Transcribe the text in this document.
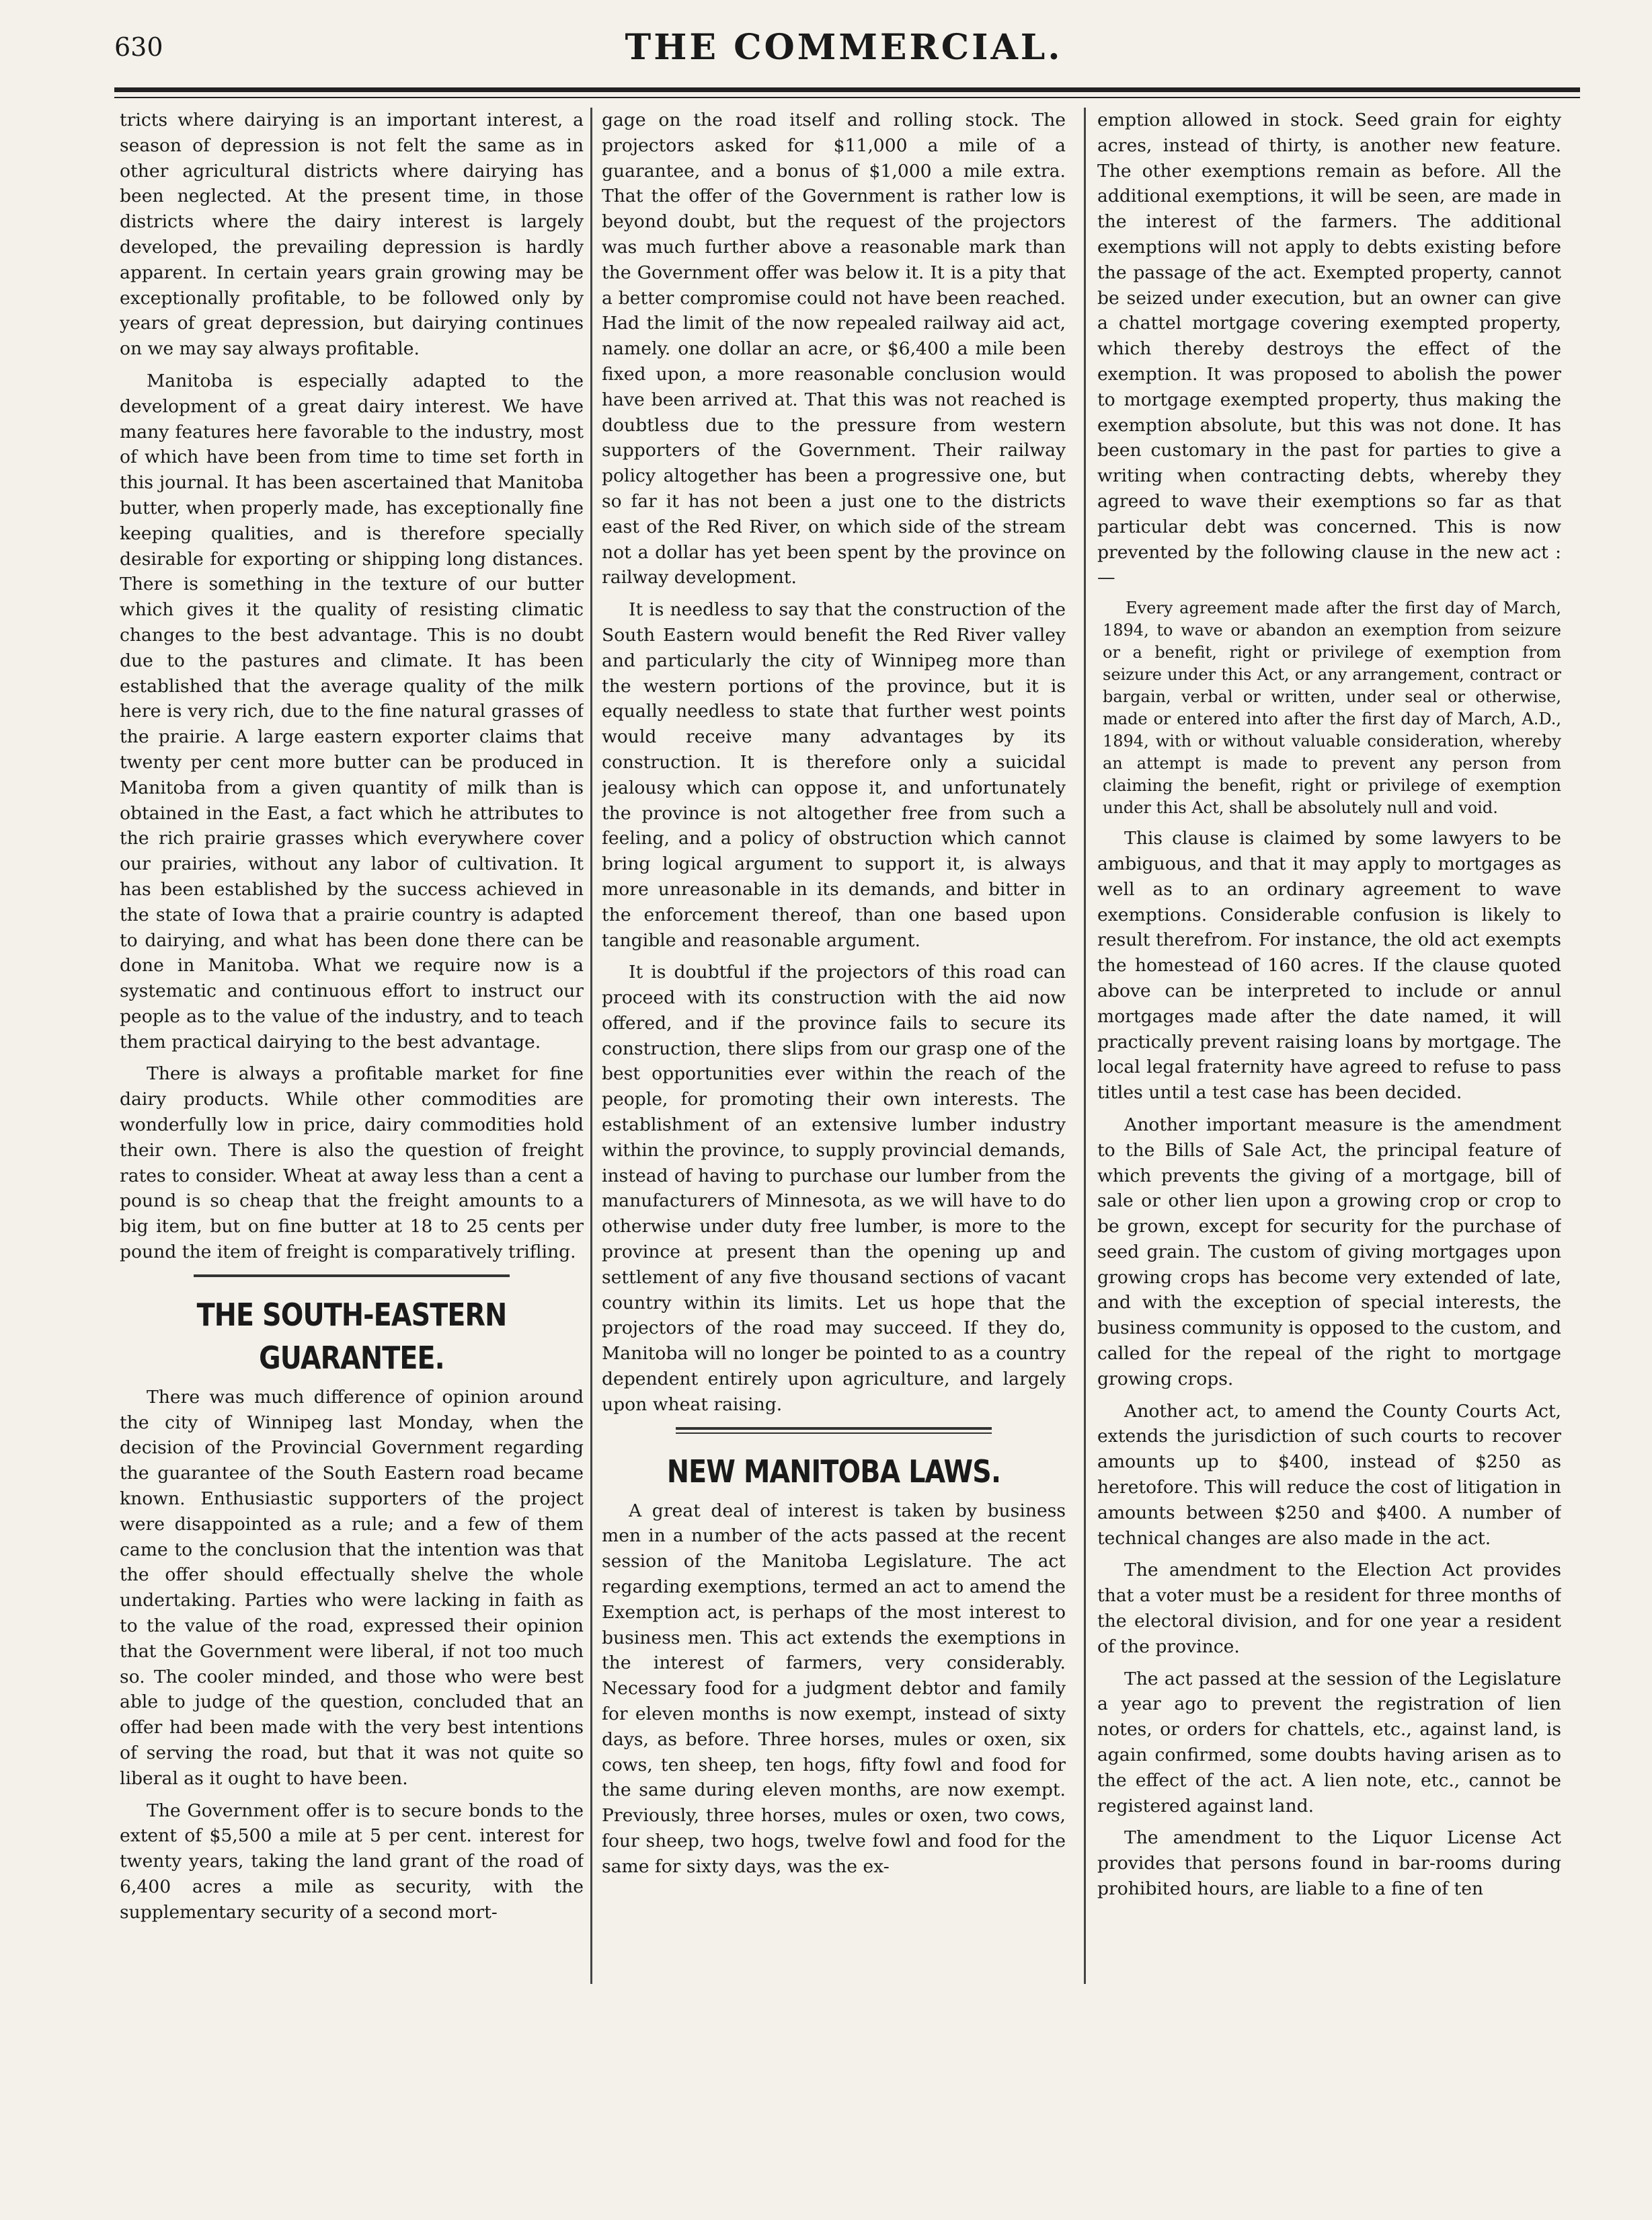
630	THE COMMERCIAL.

tricts where dairying is an important interest, a season of depression is not felt the same as in other agricultural districts where dairying has been neglected. At the present time, in those districts where the dairy interest is largely developed, the prevailing depression is hardly apparent. In certain years grain growing may be exceptionally profitable, to be followed only by years of great depression, but dairying continues on we may say always profitable.

Manitoba is especially adapted to the development of a great dairy interest. We have many features here favorable to the industry, most of which have been from time to time set forth in this journal. It has been ascertained that Manitoba butter, when properly made, has exceptionally fine keeping qualities, and is therefore specially desirable for exporting or shipping long distances. There is something in the texture of our butter which gives it the quality of resisting climatic changes to the best advantage. This is no doubt due to the pastures and climate. It has been established that the average quality of the milk here is very rich, due to the fine natural grasses of the prairie. A large eastern exporter claims that twenty per cent more butter can be produced in Manitoba from a given quantity of milk than is obtained in the East, a fact which he attributes to the rich prairie grasses which everywhere cover our prairies, without any labor of cultivation. It has been established by the success achieved in the state of Iowa that a prairie country is adapted to dairying, and what has been done there can be done in Manitoba. What we require now is a systematic and continuous effort to instruct our people as to the value of the industry, and to teach them practical dairying to the best advantage.

There is always a profitable market for fine dairy products. While other commodities are wonderfully low in price, dairy commodities hold their own. There is also the question of freight rates to consider. Wheat at away less than a cent a pound is so cheap that the freight amounts to a big item, but on fine butter at 18 to 25 cents per pound the item of freight is comparatively trifling.

THE SOUTH-EASTERN GUARANTEE.

There was much difference of opinion around the city of Winnipeg last Monday, when the decision of the Provincial Government regarding the guarantee of the South Eastern road became known. Enthusiastic supporters of the project were disappointed as a rule; and a few of them came to the conclusion that the intention was that the offer should effectually shelve the whole undertaking. Parties who were lacking in faith as to the value of the road, expressed their opinion that the Government were liberal, if not too much so. The cooler minded, and those who were best able to judge of the question, concluded that an offer had been made with the very best intentions of serving the road, but that it was not quite so liberal as it ought to have been.

The Government offer is to secure bonds to the extent of $5,500 a mile at 5 per cent. interest for twenty years, taking the land grant of the road of 6,400 acres a mile as security, with the supplementary security of a second mort-

gage on the road itself and rolling stock. The projectors asked for $11,000 a mile of a guarantee, and a bonus of $1,000 a mile extra. That the offer of the Government is rather low is beyond doubt, but the request of the projectors was much further above a reasonable mark than the Government offer was below it. It is a pity that a better compromise could not have been reached. Had the limit of the now repealed railway aid act, namely. one dollar an acre, or $6,400 a mile been fixed upon, a more reasonable conclusion would have been arrived at. That this was not reached is doubtless due to the pressure from western supporters of the Government. Their railway policy altogether has been a progressive one, but so far it has not been a just one to the districts east of the Red River, on which side of the stream not a dollar has yet been spent by the province on railway development.

It is needless to say that the construction of the South Eastern would benefit the Red River valley and particularly the city of Winnipeg more than the western portions of the province, but it is equally needless to state that further west points would receive many advantages by its construction. It is therefore only a suicidal jealousy which can oppose it, and unfortunately the province is not altogether free from such a feeling, and a policy of obstruction which cannot bring logical argument to support it, is always more unreasonable in its demands, and bitter in the enforcement thereof, than one based upon tangible and reasonable argument.

It is doubtful if the projectors of this road can proceed with its construction with the aid now offered, and if the province fails to secure its construction, there slips from our grasp one of the best opportunities ever within the reach of the people, for promoting their own interests. The establishment of an extensive lumber industry within the province, to supply provincial demands, instead of having to purchase our lumber from the manufacturers of Minnesota, as we will have to do otherwise under duty free lumber, is more to the province at present than the opening up and settlement of any five thousand sections of vacant country within its limits. Let us hope that the projectors of the road may succeed. If they do, Manitoba will no longer be pointed to as a country dependent entirely upon agriculture, and largely upon wheat raising.

NEW MANITOBA LAWS.

A great deal of interest is taken by business men in a number of the acts passed at the recent session of the Manitoba Legislature. The act regarding exemptions, termed an act to amend the Exemption act, is perhaps of the most interest to business men. This act extends the exemptions in the interest of farmers, very considerably. Necessary food for a judgment debtor and family for eleven months is now exempt, instead of sixty days, as before. Three horses, mules or oxen, six cows, ten sheep, ten hogs, fifty fowl and food for the same during eleven months, are now exempt. Previously, three horses, mules or oxen, two cows, four sheep, two hogs, twelve fowl and food for the same for sixty days, was the ex-

emption allowed in stock. Seed grain for eighty acres, instead of thirty, is another new feature. The other exemptions remain as before. All the additional exemptions, it will be seen, are made in the interest of the farmers. The additional exemptions will not apply to debts existing before the passage of the act. Exempted property, cannot be seized under execution, but an owner can give a chattel mortgage covering exempted property, which thereby destroys the effect of the exemption. It was proposed to abolish the power to mortgage exempted property, thus making the exemption absolute, but this was not done. It has been customary in the past for parties to give a writing when contracting debts, whereby they agreed to wave their exemptions so far as that particular debt was concerned. This is now prevented by the following clause in the new act :—

Every agreement made after the first day of March, 1894, to wave or abandon an exemption from seizure or a benefit, right or privilege of exemption from seizure under this Act, or any arrangement, contract or bargain, verbal or written, under seal or otherwise, made or entered into after the first day of March, A.D., 1894, with or without valuable consideration, whereby an attempt is made to prevent any person from claiming the benefit, right or privilege of exemption under this Act, shall be absolutely null and void.

This clause is claimed by some lawyers to be ambiguous, and that it may apply to mortgages as well as to an ordinary agreement to wave exemptions. Considerable confusion is likely to result therefrom. For instance, the old act exempts the homestead of 160 acres. If the clause quoted above can be interpreted to include or annul mortgages made after the date named, it will practically prevent raising loans by mortgage. The local legal fraternity have agreed to refuse to pass titles until a test case has been decided.

Another important measure is the amendment to the Bills of Sale Act, the principal feature of which prevents the giving of a mortgage, bill of sale or other lien upon a growing crop or crop to be grown, except for security for the purchase of seed grain. The custom of giving mortgages upon growing crops has become very extended of late, and with the exception of special interests, the business community is opposed to the custom, and called for the repeal of the right to mortgage growing crops.

Another act, to amend the County Courts Act, extends the jurisdiction of such courts to recover amounts up to $400, instead of $250 as heretofore. This will reduce the cost of litigation in amounts between $250 and $400. A number of technical changes are also made in the act.

The amendment to the Election Act provides that a voter must be a resident for three months of the electoral division, and for one year a resident of the province.

The act passed at the session of the Legislature a year ago to prevent the registration of lien notes, or orders for chattels, etc., against land, is again confirmed, some doubts having arisen as to the effect of the act. A lien note, etc., cannot be registered against land.

The amendment to the Liquor License Act provides that persons found in bar-rooms during prohibited hours, are liable to a fine of ten
